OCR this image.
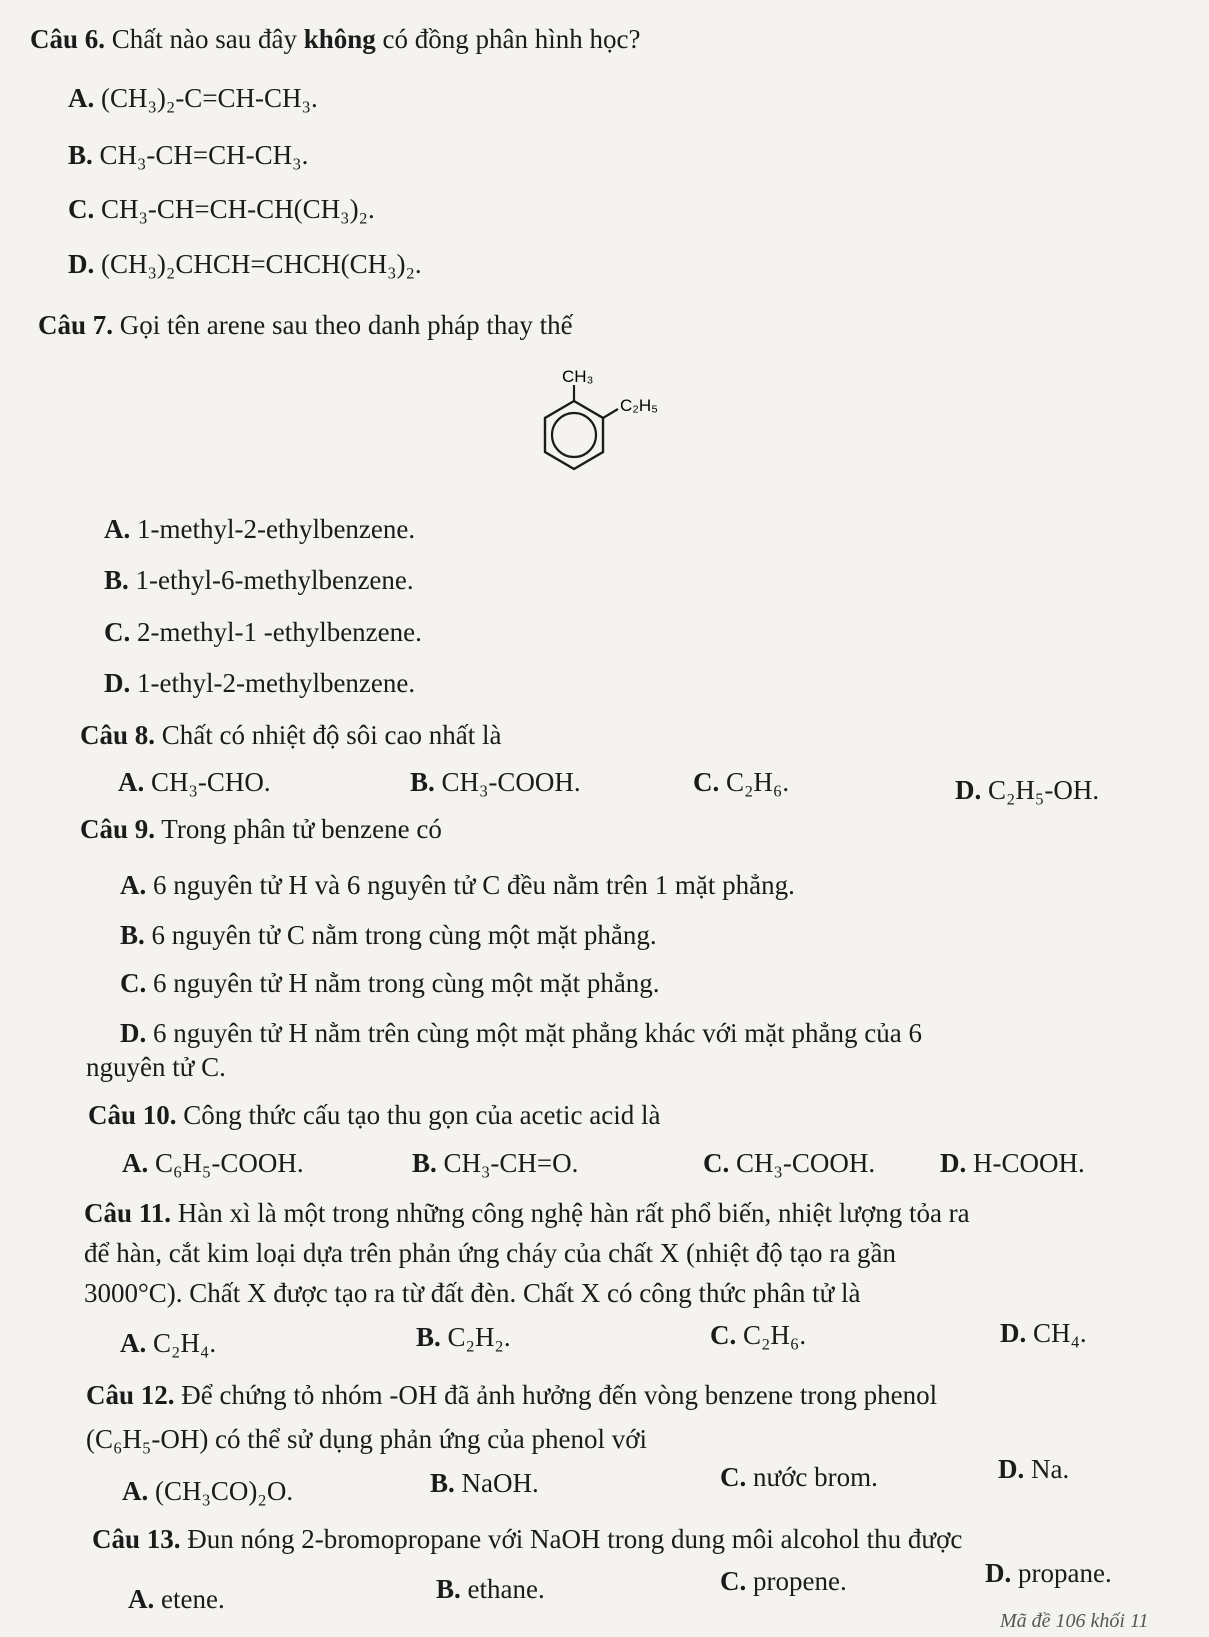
Câu 6. Chất nào sau đây không có đồng phân hình học?
A. (CH₃)₂-C=CH-CH₃.
B. CH₃-CH=CH-CH₃.
C. CH₃-CH=CH-CH(CH₃)₂.
D. (CH₃)₂CHCH=CHCH(CH₃)₂.
Câu 7. Gọi tên arene sau theo danh pháp thay thế
CH₃
C₂H₅
A. 1-methyl-2-ethylbenzene.
B. 1-ethyl-6-methylbenzene.
C. 2-methyl-1 -ethylbenzene.
D. 1-ethyl-2-methylbenzene.
Câu 8. Chất có nhiệt độ sôi cao nhất là
A. CH₃-CHO.	B. CH₃-COOH.	C. C₂H₆.	D. C₂H₅-OH.
Câu 9. Trong phân tử benzene có
A. 6 nguyên tử H và 6 nguyên tử C đều nằm trên 1 mặt phẳng.
B. 6 nguyên tử C nằm trong cùng một mặt phẳng.
C. 6 nguyên tử H nằm trong cùng một mặt phẳng.
D. 6 nguyên tử H nằm trên cùng một mặt phẳng khác với mặt phẳng của 6
nguyên tử C.
Câu 10. Công thức cấu tạo thu gọn của acetic acid là
A. C₆H₅-COOH.	B. CH₃-CH=O.	C. CH₃-COOH. D. H-COOH.
Câu 11. Hàn xì là một trong những công nghệ hàn rất phổ biến, nhiệt lượng tỏa ra
để hàn, cắt kim loại dựa trên phản ứng cháy của chất X (nhiệt độ tạo ra gần
3000°C). Chất X được tạo ra từ đất đèn. Chất X có công thức phân tử là
A. C₂H₄.	B. C₂H₂.	C. C₂H₆.	D. CH₄.
Câu 12. Để chứng tỏ nhóm -OH đã ảnh hưởng đến vòng benzene trong phenol
(C₆H₅-OH) có thể sử dụng phản ứng của phenol với
A. (CH₃CO)₂O.	B. NaOH.	C. nước brom.	D. Na.
Câu 13. Đun nóng 2-bromopropane với NaOH trong dung môi alcohol thu được
A. etene.	B. ethane.	C. propene.	D. propane.
Mã đề 106 khối 11
